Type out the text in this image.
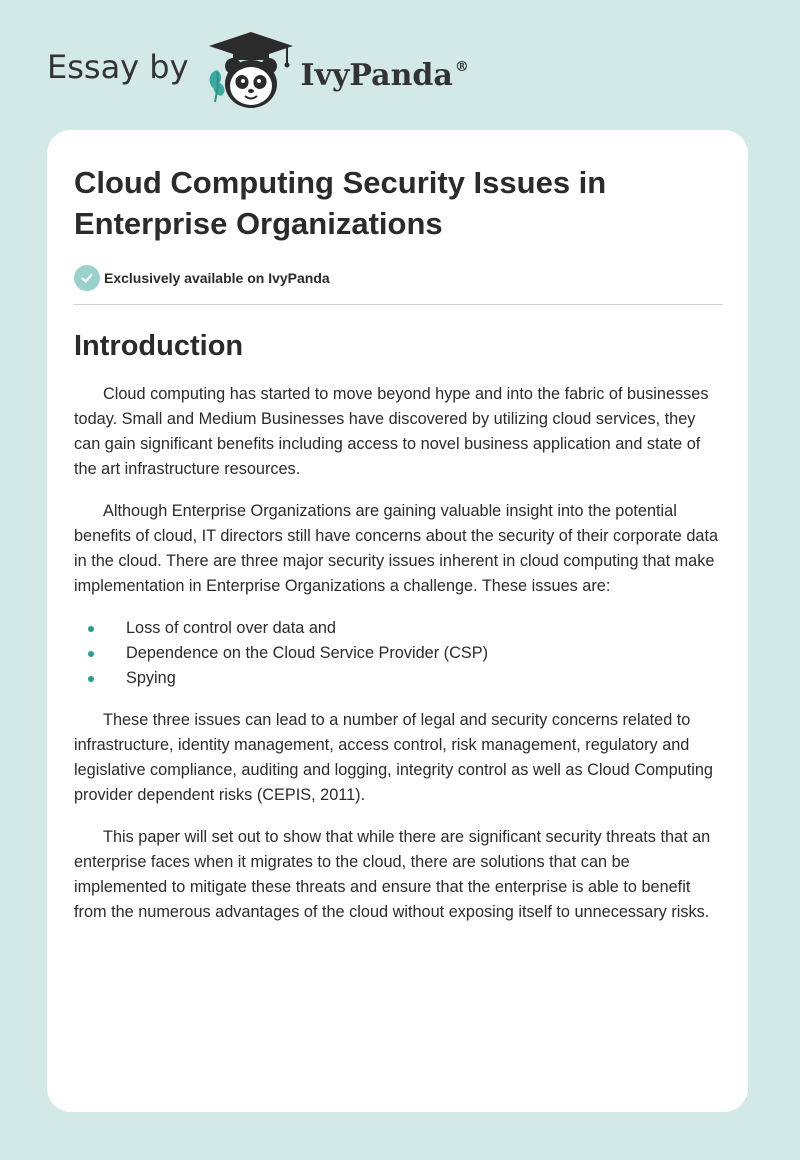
Essay by	IvyPanda ®
Cloud Computing Security Issues in Enterprise Organizations
Exclusively available on IvyPanda
Introduction

Cloud computing has started to move beyond hype and into the fabric of businesses today. Small and Medium Businesses have discovered by utilizing cloud services, they can gain significant benefits including access to novel business application and state of the art infrastructure resources.

Although Enterprise Organizations are gaining valuable insight into the potential benefits of cloud, IT directors still have concerns about the security of their corporate data in the cloud. There are three major security issues inherent in cloud computing that make implementation in Enterprise Organizations a challenge. These issues are:

Loss of control over data and
Dependence on the Cloud Service Provider (CSP)
Spying

These three issues can lead to a number of legal and security concerns related to infrastructure, identity management, access control, risk management, regulatory and legislative compliance, auditing and logging, integrity control as well as Cloud Computing provider dependent risks (CEPIS, 2011).

This paper will set out to show that while there are significant security threats that an enterprise faces when it migrates to the cloud, there are solutions that can be implemented to mitigate these threats and ensure that the enterprise is able to benefit from the numerous advantages of the cloud without exposing itself to unnecessary risks.
